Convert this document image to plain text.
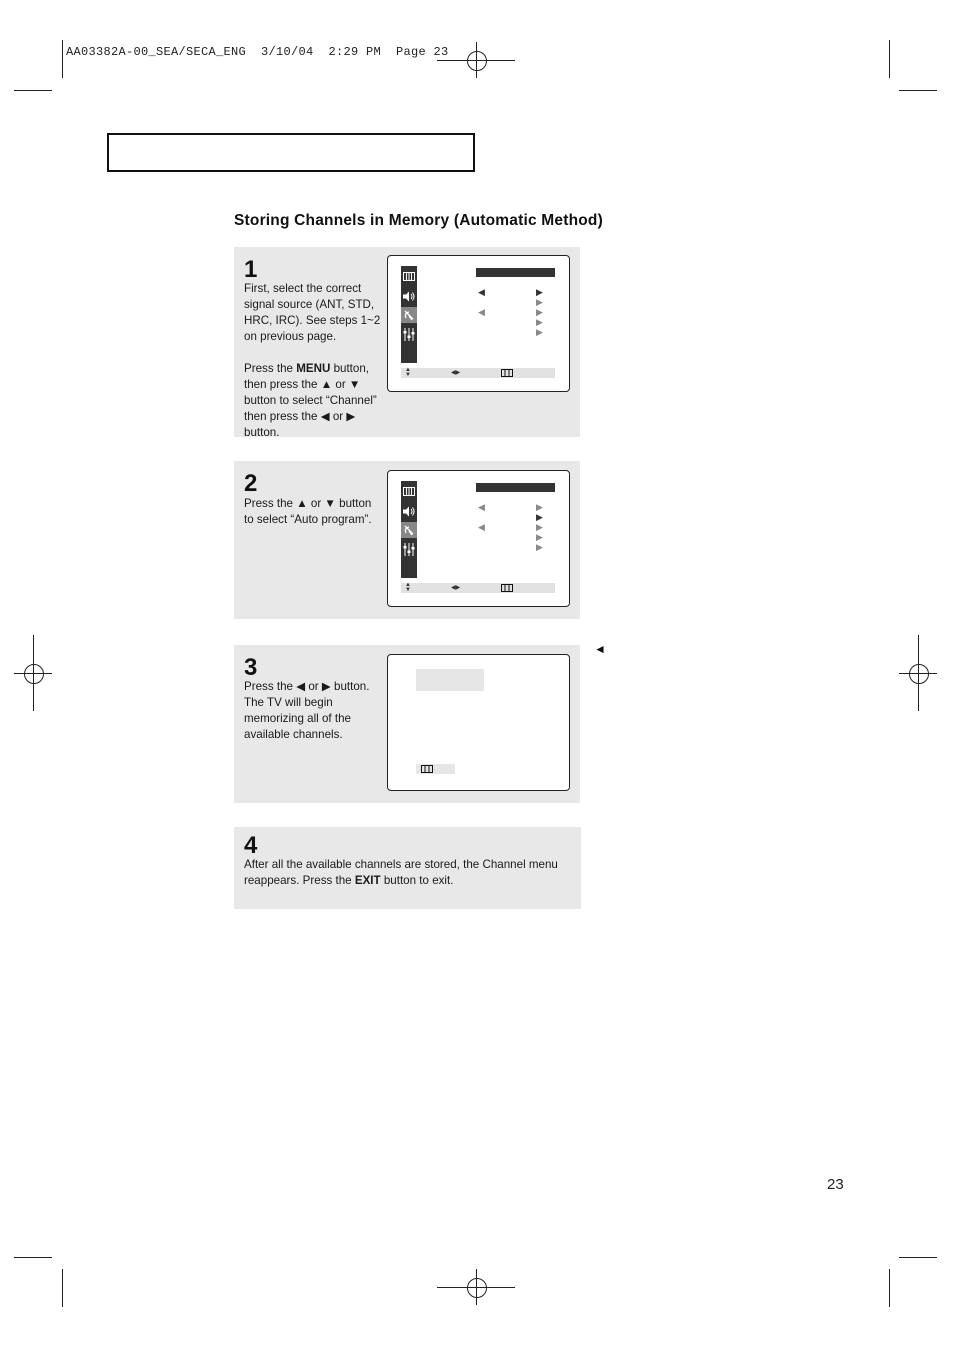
AA03382A-00_SEA/SECA_ENG  3/10/04  2:29 PM  Page 23
Storing Channels in Memory (Automatic Method)
1
First, select the correct signal source (ANT, STD, HRC, IRC). See steps 1~2 on previous page.
Press the MENU button, then press the ▲ or ▼ button to select “Channel” then press the ◀ or ▶ button.
◀	▶
▶
◀	▶
▶
▶
▲
▼	◀▶
2
Press the ▲ or ▼ button to select “Auto program”.
◀	▶
▶
◀	▶
▶
▶
▲
▼	◀▶
◄
3
Press the ◀ or ▶ button. The TV will begin memorizing all of the available channels.
4
After all the available channels are stored, the Channel menu reappears. Press the EXIT button to exit.
23
